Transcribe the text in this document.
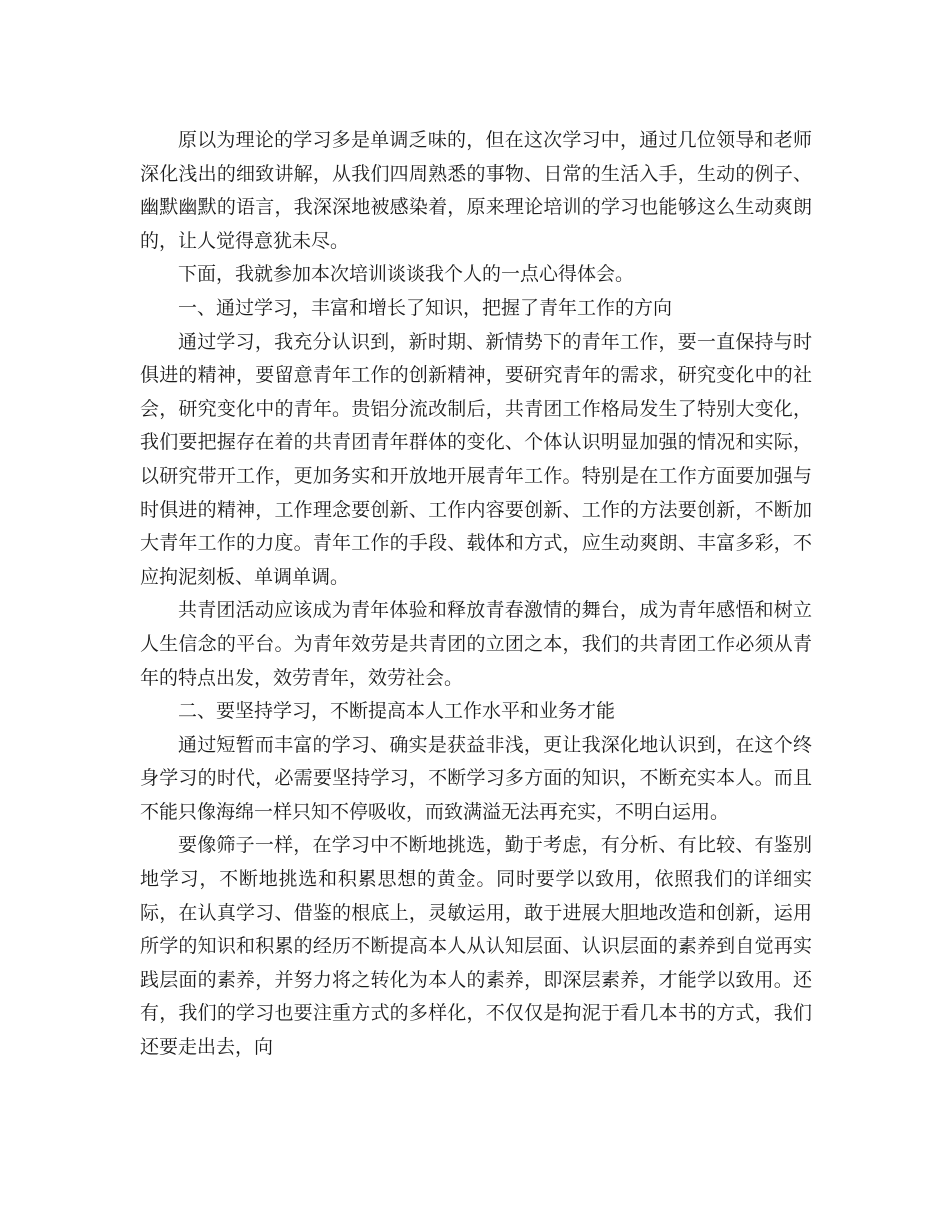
原以为理论的学习多是单调乏味的，但在这次学习中，通过几位领导和老师深化浅出的细致讲解，从我们四周熟悉的事物、日常的生活入手，生动的例子、幽默幽默的语言，我深深地被感染着，原来理论培训的学习也能够这么生动爽朗的，让人觉得意犹未尽。

下面，我就参加本次培训谈谈我个人的一点心得体会。

一、通过学习，丰富和增长了知识，把握了青年工作的方向

通过学习，我充分认识到，新时期、新情势下的青年工作，要一直保持与时俱进的精神，要留意青年工作的创新精神，要研究青年的需求，研究变化中的社会，研究变化中的青年。贵铝分流改制后，共青团工作格局发生了特别大变化，我们要把握存在着的共青团青年群体的变化、个体认识明显加强的情况和实际，以研究带开工作，更加务实和开放地开展青年工作。特别是在工作方面要加强与时俱进的精神，工作理念要创新、工作内容要创新、工作的方法要创新，不断加大青年工作的力度。青年工作的手段、载体和方式，应生动爽朗、丰富多彩，不应拘泥刻板、单调单调。

共青团活动应该成为青年体验和释放青春激情的舞台，成为青年感悟和树立人生信念的平台。为青年效劳是共青团的立团之本，我们的共青团工作必须从青年的特点出发，效劳青年，效劳社会。

二、要坚持学习，不断提高本人工作水平和业务才能

通过短暂而丰富的学习、确实是获益非浅，更让我深化地认识到，在这个终身学习的时代，必需要坚持学习，不断学习多方面的知识，不断充实本人。而且不能只像海绵一样只知不停吸收，而致满溢无法再充实，不明白运用。

要像筛子一样，在学习中不断地挑选，勤于考虑，有分析、有比较、有鉴别地学习，不断地挑选和积累思想的黄金。同时要学以致用，依照我们的详细实际，在认真学习、借鉴的根底上，灵敏运用，敢于进展大胆地改造和创新，运用所学的知识和积累的经历不断提高本人从认知层面、认识层面的素养到自觉再实践层面的素养，并努力将之转化为本人的素养，即深层素养，才能学以致用。还有，我们的学习也要注重方式的多样化，不仅仅是拘泥于看几本书的方式，我们还要走出去，向
